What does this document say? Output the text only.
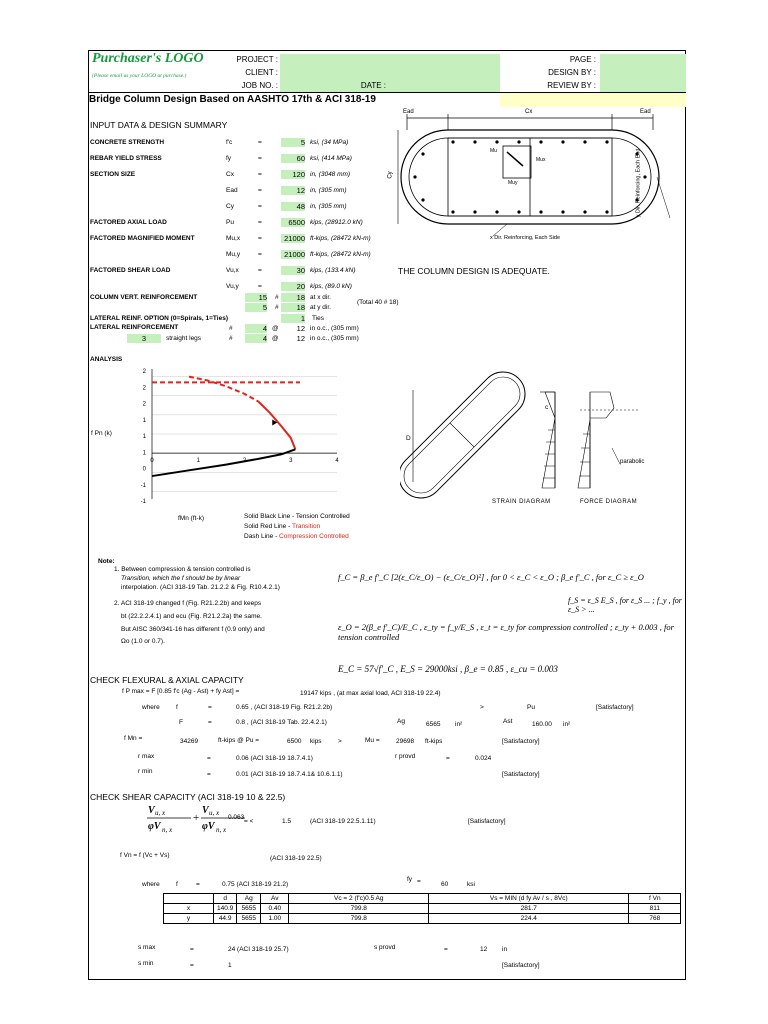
Purchaser's LOGO
(Please email us your LOGO at purchase.)
PROJECT :
CLIENT :
JOB NO. :	DATE :
PAGE :
DESIGN BY :
REVIEW BY :
Bridge Column Design Based on AASHTO 17th & ACI 318-19
INPUT DATA & DESIGN SUMMARY
CONCRETE STRENGTH	f'c	=	5 ksi, (34 MPa)
REBAR YIELD STRESS	fy	=	60 ksi, (414 MPa)
SECTION SIZE	Cx	=	120 in, (3048 mm)
Ead	=	12 in, (305 mm)
Cy	=	48 in, (305 mm)
FACTORED AXIAL LOAD	Pu	=	6500 kips, (28912.0 kN)
FACTORED MAGNIFIED MOMENT	Mu,x	=	21000 ft-kips, (28472 kN-m)
Mu,y	=	21000 ft-kips, (28472 kN-m)
FACTORED SHEAR LOAD	Vu,x	=	30 kips, (133.4 kN)
Vu,y	=	20 kips, (89.0 kN)
COLUMN VERT. REINFORCEMENT	15 #	18 at x dir.
5 #	18 at y dir.
(Total 40 # 18)
LATERAL REINF. OPTION (0=Spirals, 1=Ties)	1 Ties
LATERAL REINFORCEMENT	#	4 @	12 in o.c., (305 mm)
3	straight legs	#	4 @	12 in o.c., (305 mm)
THE COLUMN DESIGN IS ADEQUATE.
Ead	Cx	Ead
Cy
Mu
Mux
Muy
x Dir. Reinforcing, Each Side
y Dir. Reinforcing, Each End
ANALYSIS
2
2
2
1
1
1
0
-1
-1
0	1	2	3	4
f Pn (k)
fMn (ft-k)	Solid Black Line - Tension Controlled
Solid Red Line - Transition
Dash Line - Compression Controlled
D
c
parabolic
STRAIN DIAGRAM	FORCE DIAGRAM
Note:
1. Between compression & tension controlled is
Transition, which the f should be by linear
interpolation. (ACI 318-19 Tab. 21.2.2 & Fig. R10.4.2.1)
2. ACI 318-19 changed f (Fig. R21.2.2b) and keeps
bt (22.2.2.4.1) and ecu (Fig. R21.2.2a) the same.
But AISC 360/341-16 has different f (0.9 only) and
Ωo (1.0 or 0.7).
f_C = β_e f'_C [2(ε_C/ε_O) − (ε_C/ε_O)²] , for 0 < ε_C < ε_O ; β_e f'_C , for ε_C ≥ ε_O
f_S = ε_S E_S , for ε_S ... ; f_y , for ε_S > ...
ε_O = 2(β_e f'_C)/E_C , ε_ty = f_y/E_S , ε_t = ε_ty for compression controlled ; ε_ty + 0.003 , for tension controlled
E_C = 57√f'_C , E_S = 29000ksi , β_e = 0.85 , ε_cu = 0.003
CHECK FLEXURAL & AXIAL CAPACITY
f P max = F [0.85 f'c (Ag - Ast) + fy Ast] =	19147 kips , (at max axial load, ACI 318-19 22.4)
>	Pu	[Satisfactory]
where	f	=	0.65 , (ACI 318-19 Fig. R21.2.2b)
F	=	0.8 , (ACI 318-19 Tab. 22.4.2.1)	Ag	6565 in²	Ast	160.00 in²
f Mn =	34269	ft-kips @ Pu =	6500 kips	>	Mu =	29698 ft-kips	[Satisfactory]
r max	=	0.06 (ACI 318-19 18.7.4.1)	r provd	=	0.024
r min	=	0.01 (ACI 318-19 18.7.4.1& 10.6.1.1)	[Satisfactory]
CHECK SHEAR CAPACITY (ACI 318-19 10 & 22.5)
V u, x
φV n, x
+
V u, x
φV n, x
0.063
= <	1.5	(ACI 318-19 22.5.1.11)	[Satisfactory]
f Vn = f (Vc + Vs)	(ACI 318-19 22.5)
where	f	=	0.75 (ACI 318-19 21.2)
fy =	60	ksi
	d	Ag	Av	Vc = 2 (f'c)0.5 Ag	Vs = MIN (d fy Av / s , 8Vc)	f Vn
x	140.9	5655	0.40	799.8	281.7	811
y	44.9	5655	1.00	799.8	224.4	768
s max	=	24 (ACI 318-19 25.7)	s provd	=	12 in
s min	=	1	[Satisfactory]
